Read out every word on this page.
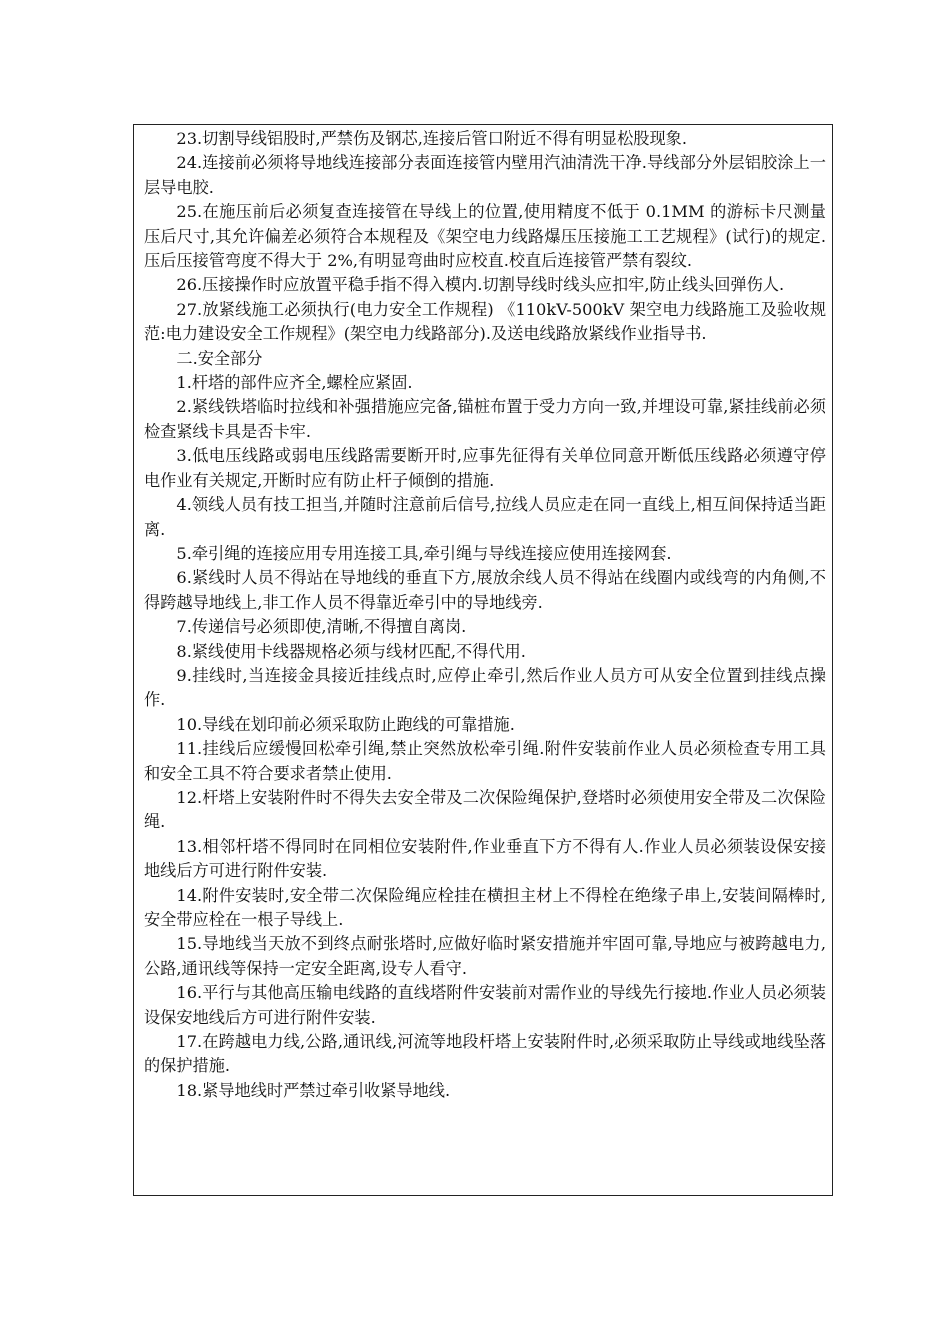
23.切割导线铝股时,严禁伤及钢芯,连接后管口附近不得有明显松股现象.

24.连接前必须将导地线连接部分表面连接管内壁用汽油清洗干净.导线部分外层铝胶涂上一层导电胶.

25.在施压前后必须复查连接管在导线上的位置,使用精度不低于 0.1MM 的游标卡尺测量压后尺寸,其允许偏差必须符合本规程及《架空电力线路爆压压接施工工艺规程》(试行)的规定.压后压接管弯度不得大于 2%,有明显弯曲时应校直.校直后连接管严禁有裂纹.

26.压接操作时应放置平稳手指不得入模内.切割导线时线头应扣牢,防止线头回弹伤人.

27.放紧线施工必须执行(电力安全工作规程) 《110kV-500kV 架空电力线路施工及验收规范:电力建设安全工作规程》(架空电力线路部分).及送电线路放紧线作业指导书.

二.安全部分

1.杆塔的部件应齐全,螺栓应紧固.

2.紧线铁塔临时拉线和补强措施应完备,锚桩布置于受力方向一致,并埋设可靠,紧挂线前必须检查紧线卡具是否卡牢.

3.低电压线路或弱电压线路需要断开时,应事先征得有关单位同意开断低压线路必须遵守停电作业有关规定,开断时应有防止杆子倾倒的措施.

4.领线人员有技工担当,并随时注意前后信号,拉线人员应走在同一直线上,相互间保持适当距离.

5.牵引绳的连接应用专用连接工具,牵引绳与导线连接应使用连接网套.

6.紧线时人员不得站在导地线的垂直下方,展放余线人员不得站在线圈内或线弯的内角侧,不得跨越导地线上,非工作人员不得靠近牵引中的导地线旁.

7.传递信号必须即使,清晰,不得擅自离岗.

8.紧线使用卡线器规格必须与线材匹配,不得代用.

9.挂线时,当连接金具接近挂线点时,应停止牵引,然后作业人员方可从安全位置到挂线点操作.

10.导线在划印前必须采取防止跑线的可靠措施.

11.挂线后应缓慢回松牵引绳,禁止突然放松牵引绳.附件安装前作业人员必须检查专用工具和安全工具不符合要求者禁止使用.

12.杆塔上安装附件时不得失去安全带及二次保险绳保护,登塔时必须使用安全带及二次保险绳.

13.相邻杆塔不得同时在同相位安装附件,作业垂直下方不得有人.作业人员必须装设保安接地线后方可进行附件安装.

14.附件安装时,安全带二次保险绳应栓挂在横担主材上不得栓在绝缘子串上,安装间隔棒时,安全带应栓在一根子导线上.

15.导地线当天放不到终点耐张塔时,应做好临时紧安措施并牢固可靠,导地应与被跨越电力,公路,通讯线等保持一定安全距离,设专人看守.

16.平行与其他高压输电线路的直线塔附件安装前对需作业的导线先行接地.作业人员必须装设保安地线后方可进行附件安装.

17.在跨越电力线,公路,通讯线,河流等地段杆塔上安装附件时,必须采取防止导线或地线坠落的保护措施.

18.紧导地线时严禁过牵引收紧导地线.
